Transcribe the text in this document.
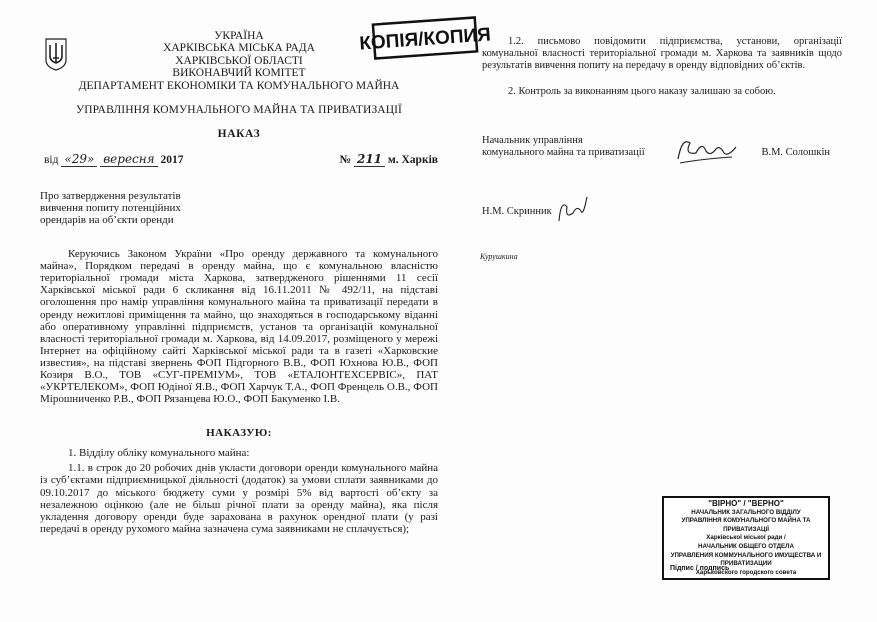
КОПІЯ/КОПИЯ
УКРАЇНА
ХАРКІВСЬКА МІСЬКА РАДА
ХАРКІВСЬКОЇ ОБЛАСТІ
ВИКОНАВЧИЙ КОМІТЕТ
ДЕПАРТАМЕНТ ЕКОНОМІКИ ТА КОМУНАЛЬНОГО МАЙНА
УПРАВЛІННЯ КОМУНАЛЬНОГО МАЙНА ТА ПРИВАТИЗАЦІЇ
НАКАЗ
від «29» вересня 2017	№ 211 м. Харків
Про затвердження результатів
вивчення попиту потенційних
орендарів на об’єкти оренди

Керуючись Законом України «Про оренду державного та комунального майна», Порядком передачі в оренду майна, що є комунальною власністю територіальної громади міста Харкова, затвердженого рішеннями 11 сесії Харківської міської ради 6 скликання від 16.11.2011 № 492/11, на підставі оголошення про намір управління комунального майна та приватизації передати в оренду нежитлові приміщення та майно, що знаходяться в господарському віданні або оперативному управлінні підприємств, установ та організацій комунальної власності територіальної громади м. Харкова, від 14.09.2017, розміщеного у мережі Інтернет на офіційному сайті Харківської міської ради та в газеті «Харковские известия», на підставі звернень ФОП Підгорного В.В., ФОП Юхнова Ю.В., ФОП Козиря В.О., ТОВ «СУГ-ПРЕМІУМ», ТОВ «ЕТАЛОНТЕХСЕРВІС», ПАТ «УКРТЕЛЕКОМ», ФОП Юдіної Я.В., ФОП Харчук Т.А., ФОП Френцель О.В., ФОП Мірошниченко Р.В., ФОП Рязанцева Ю.О., ФОП Бакуменко І.В.

НАКАЗУЮ:

1. Відділу обліку комунального майна:

1.1. в строк до 20 робочих днів укласти договори оренди комунального майна із суб’єктами підприємницької діяльності (додаток) за умови сплати заявниками до 09.10.2017 до міського бюджету суми у розмірі 5% від вартості об’єкту за незалежною оцінкою (але не більш річної плати за оренду майна), яка після укладення договору оренди буде зарахована в рахунок орендної плати (у разі передачі в оренду рухомого майна зазначена сума заявниками не сплачується);

1.2. письмово повідомити підприємства, установи, організації комунальної власності територіальної громади м. Харкова та заявників щодо результатів вивчення попиту на передачу в оренду відповідних об’єктів.

2. Контроль за виконанням цього наказу залишаю за собою.

Начальник управління
комунального майна та приватизації	В.М. Солошкін
Н.М. Скринник
Курушкина
"ВІРНО" / "ВЕРНО"
НАЧАЛЬНИК ЗАГАЛЬНОГО ВІДДІЛУ
УПРАВЛІННЯ КОМУНАЛЬНОГО МАЙНА ТА ПРИВАТИЗАЦІЇ
Харківської міської ради /
НАЧАЛЬНИК ОБЩЕГО ОТДЕЛА
УПРАВЛЕНИЯ КОММУНАЛЬНОГО ИМУЩЕСТВА И ПРИВАТИЗАЦИИ
Харьковского городского совета
Підпис / подпись
